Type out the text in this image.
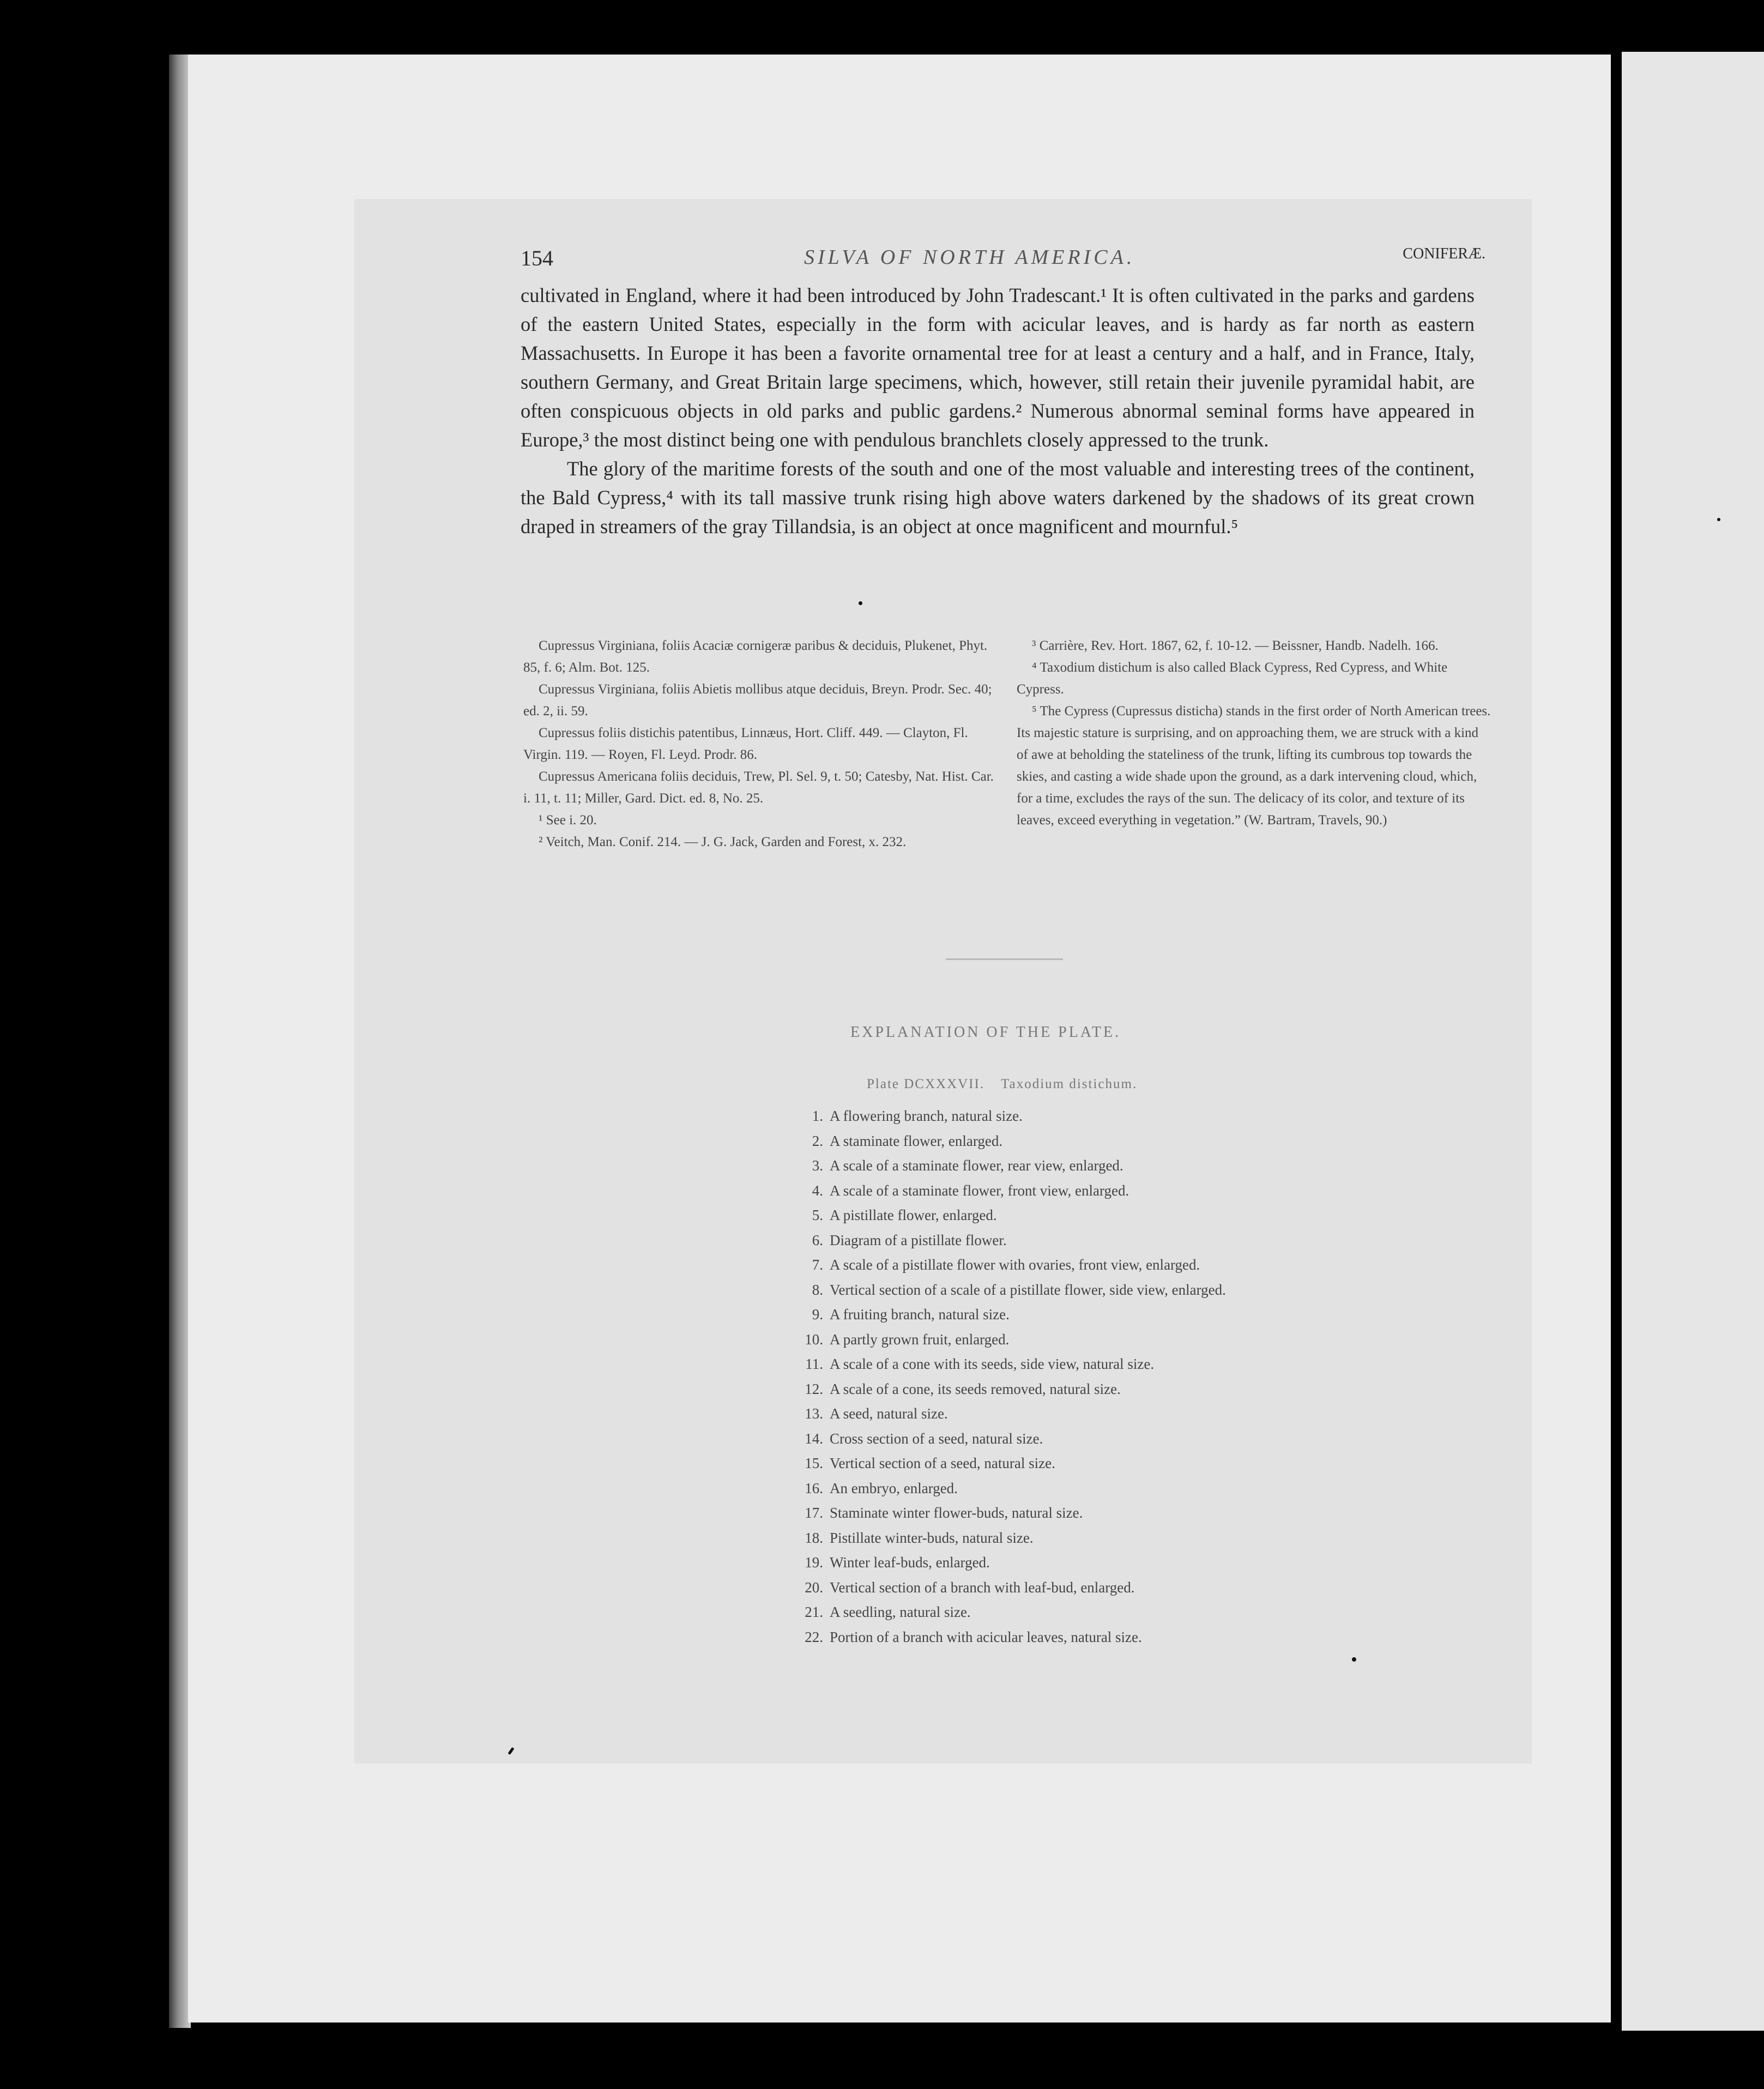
154	SILVA OF NORTH AMERICA.	CONIFERÆ.

cultivated in England, where it had been introduced by John Tradescant.¹ It is often cultivated in the parks and gardens of the eastern United States, especially in the form with acicular leaves, and is hardy as far north as eastern Massachusetts. In Europe it has been a favorite ornamental tree for at least a century and a half, and in France, Italy, southern Germany, and Great Britain large specimens, which, however, still retain their juvenile pyramidal habit, are often conspicuous objects in old parks and public gardens.² Numerous abnormal seminal forms have appeared in Europe,³ the most distinct being one with pendulous branchlets closely appressed to the trunk.

The glory of the maritime forests of the south and one of the most valuable and interesting trees of the continent, the Bald Cypress,⁴ with its tall massive trunk rising high above waters darkened by the shadows of its great crown draped in streamers of the gray Tillandsia, is an object at once magnificent and mournful.⁵

Cupressus Virginiana, foliis Acaciæ cornigeræ paribus & deciduis, Plukenet, Phyt. 85, f. 6; Alm. Bot. 125.

Cupressus Virginiana, foliis Abietis mollibus atque deciduis, Breyn. Prodr. Sec. 40; ed. 2, ii. 59.

Cupressus foliis distichis patentibus, Linnæus, Hort. Cliff. 449. — Clayton, Fl. Virgin. 119. — Royen, Fl. Leyd. Prodr. 86.

Cupressus Americana foliis deciduis, Trew, Pl. Sel. 9, t. 50; Catesby, Nat. Hist. Car. i. 11, t. 11; Miller, Gard. Dict. ed. 8, No. 25.

¹ See i. 20.

² Veitch, Man. Conif. 214. — J. G. Jack, Garden and Forest, x. 232.

³ Carrière, Rev. Hort. 1867, 62, f. 10-12. — Beissner, Handb. Nadelh. 166.

⁴ Taxodium distichum is also called Black Cypress, Red Cypress, and White Cypress.

⁵ The Cypress (Cupressus disticha) stands in the first order of North American trees. Its majestic stature is surprising, and on approaching them, we are struck with a kind of awe at beholding the stateliness of the trunk, lifting its cumbrous top towards the skies, and casting a wide shade upon the ground, as a dark intervening cloud, which, for a time, excludes the rays of the sun. The delicacy of its color, and texture of its leaves, exceed everything in vegetation.” (W. Bartram, Travels, 90.)

EXPLANATION OF THE PLATE.
Plate DCXXXVII. Taxodium distichum.
1. A flowering branch, natural size.
2. A staminate flower, enlarged.
3. A scale of a staminate flower, rear view, enlarged.
4. A scale of a staminate flower, front view, enlarged.
5. A pistillate flower, enlarged.
6. Diagram of a pistillate flower.
7. A scale of a pistillate flower with ovaries, front view, enlarged.
8. Vertical section of a scale of a pistillate flower, side view, enlarged.
9. A fruiting branch, natural size.
10. A partly grown fruit, enlarged.
11. A scale of a cone with its seeds, side view, natural size.
12. A scale of a cone, its seeds removed, natural size.
13. A seed, natural size.
14. Cross section of a seed, natural size.
15. Vertical section of a seed, natural size.
16. An embryo, enlarged.
17. Staminate winter flower-buds, natural size.
18. Pistillate winter-buds, natural size.
19. Winter leaf-buds, enlarged.
20. Vertical section of a branch with leaf-bud, enlarged.
21. A seedling, natural size.
22. Portion of a branch with acicular leaves, natural size.
